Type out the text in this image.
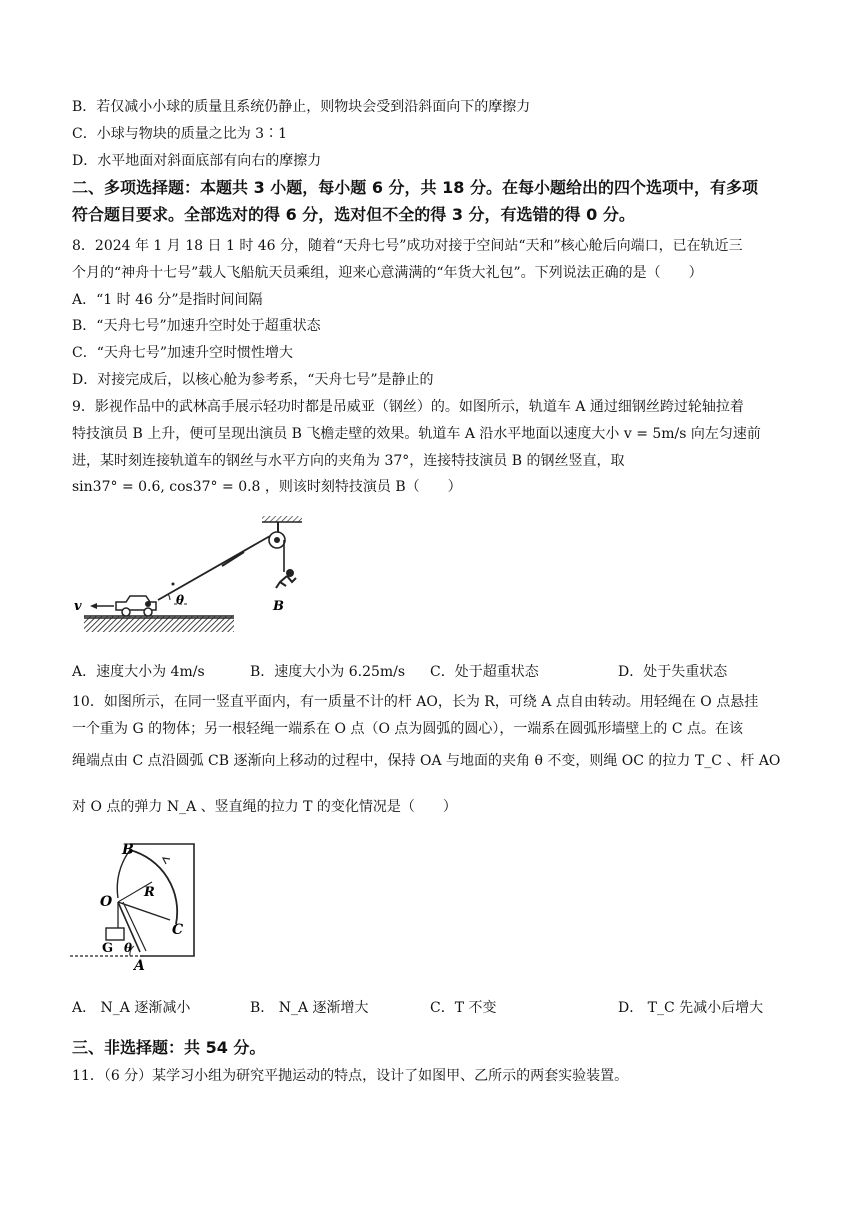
B．若仅减小小球的质量且系统仍静止，则物块会受到沿斜面向下的摩擦力
C．小球与物块的质量之比为 3∶1
D．水平地面对斜面底部有向右的摩擦力
二、多项选择题：本题共 3 小题，每小题 6 分，共 18 分。在每小题给出的四个选项中，有多项
符合题目要求。全部选对的得 6 分，选对但不全的得 3 分，有选错的得 0 分。
8．2024 年 1 月 18 日 1 时 46 分，随着“天舟七号”成功对接于空间站“天和”核心舱后向端口，已在轨近三
个月的“神舟十七号”载人飞船航天员乘组，迎来心意满满的“年货大礼包”。下列说法正确的是（　　）
A．“1 时 46 分”是指时间间隔
B．“天舟七号”加速升空时处于超重状态
C．“天舟七号”加速升空时惯性增大
D．对接完成后，以核心舱为参考系，“天舟七号”是静止的
9．影视作品中的武林高手展示轻功时都是吊威亚（钢丝）的。如图所示，轨道车 A 通过细钢丝跨过轮轴拉着
特技演员 B 上升，便可呈现出演员 B 飞檐走壁的效果。轨道车 A 沿水平地面以速度大小 v = 5m/s 向左匀速前
进，某时刻连接轨道车的钢丝与水平方向的夹角为 37°，连接特技演员 B 的钢丝竖直，取
sin37° = 0.6, cos37° = 0.8 ，则该时刻特技演员 B（　　）
v	θ	B
A．速度大小为 4m/s	B．速度大小为 6.25m/s C．处于超重状态	D．处于失重状态
10．如图所示，在同一竖直平面内，有一质量不计的杆 AO，长为 R，可绕 A 点自由转动。用轻绳在 O 点悬挂
一个重为 G 的物体；另一根轻绳一端系在 O 点（O 点为圆弧的圆心），一端系在圆弧形墙壁上的 C 点。在该
绳端点由 C 点沿圆弧 CB 逐渐向上移动的过程中，保持 OA 与地面的夹角 θ 不变，则绳 OC 的拉力 T_C 、杆 AO
对 O 点的弹力 N_A 、竖直绳的拉力 T 的变化情况是（　　）
B
O
R
C
G θ
A
A． N_A 逐渐减小	B． N_A 逐渐增大	C．T 不变	D． T_C 先减小后增大
三、非选择题：共 54 分。
11．（6 分）某学习小组为研究平抛运动的特点，设计了如图甲、乙所示的两套实验装置。
